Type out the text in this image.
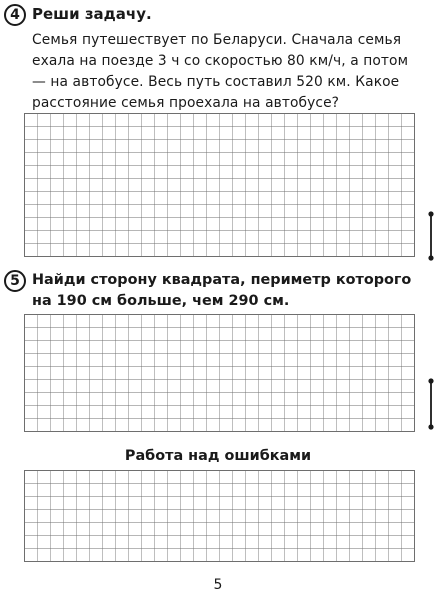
4 Реши задачу.
Семья путешествует по Беларуси. Сначала семья ехала на поезде 3 ч со скоростью 80 км/ч, а потом — на автобусе. Весь путь составил 520 км. Какое расстояние семья проехала на автобусе?
5 Найди сторону квадрата, периметр которого на 190 см больше, чем 290 см.
Работа над ошибками
5
